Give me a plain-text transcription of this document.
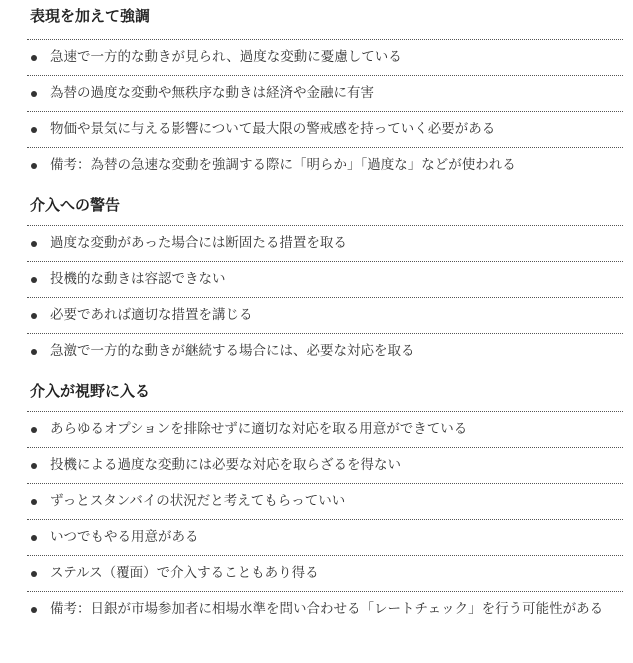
表現を加えて強調
急速で一方的な動きが見られ、過度な変動に憂慮している
為替の過度な変動や無秩序な動きは経済や金融に有害
物価や景気に与える影響について最大限の警戒感を持っていく必要がある
備考：為替の急速な変動を強調する際に「明らか」「過度な」などが使われる
介入への警告
過度な変動があった場合には断固たる措置を取る
投機的な動きは容認できない
必要であれば適切な措置を講じる
急激で一方的な動きが継続する場合には、必要な対応を取る
介入が視野に入る
あらゆるオプションを排除せずに適切な対応を取る用意ができている
投機による過度な変動には必要な対応を取らざるを得ない
ずっとスタンバイの状況だと考えてもらっていい
いつでもやる用意がある
ステルス（覆面）で介入することもあり得る
備考：日銀が市場参加者に相場水準を問い合わせる「レートチェック」を行う可能性がある
